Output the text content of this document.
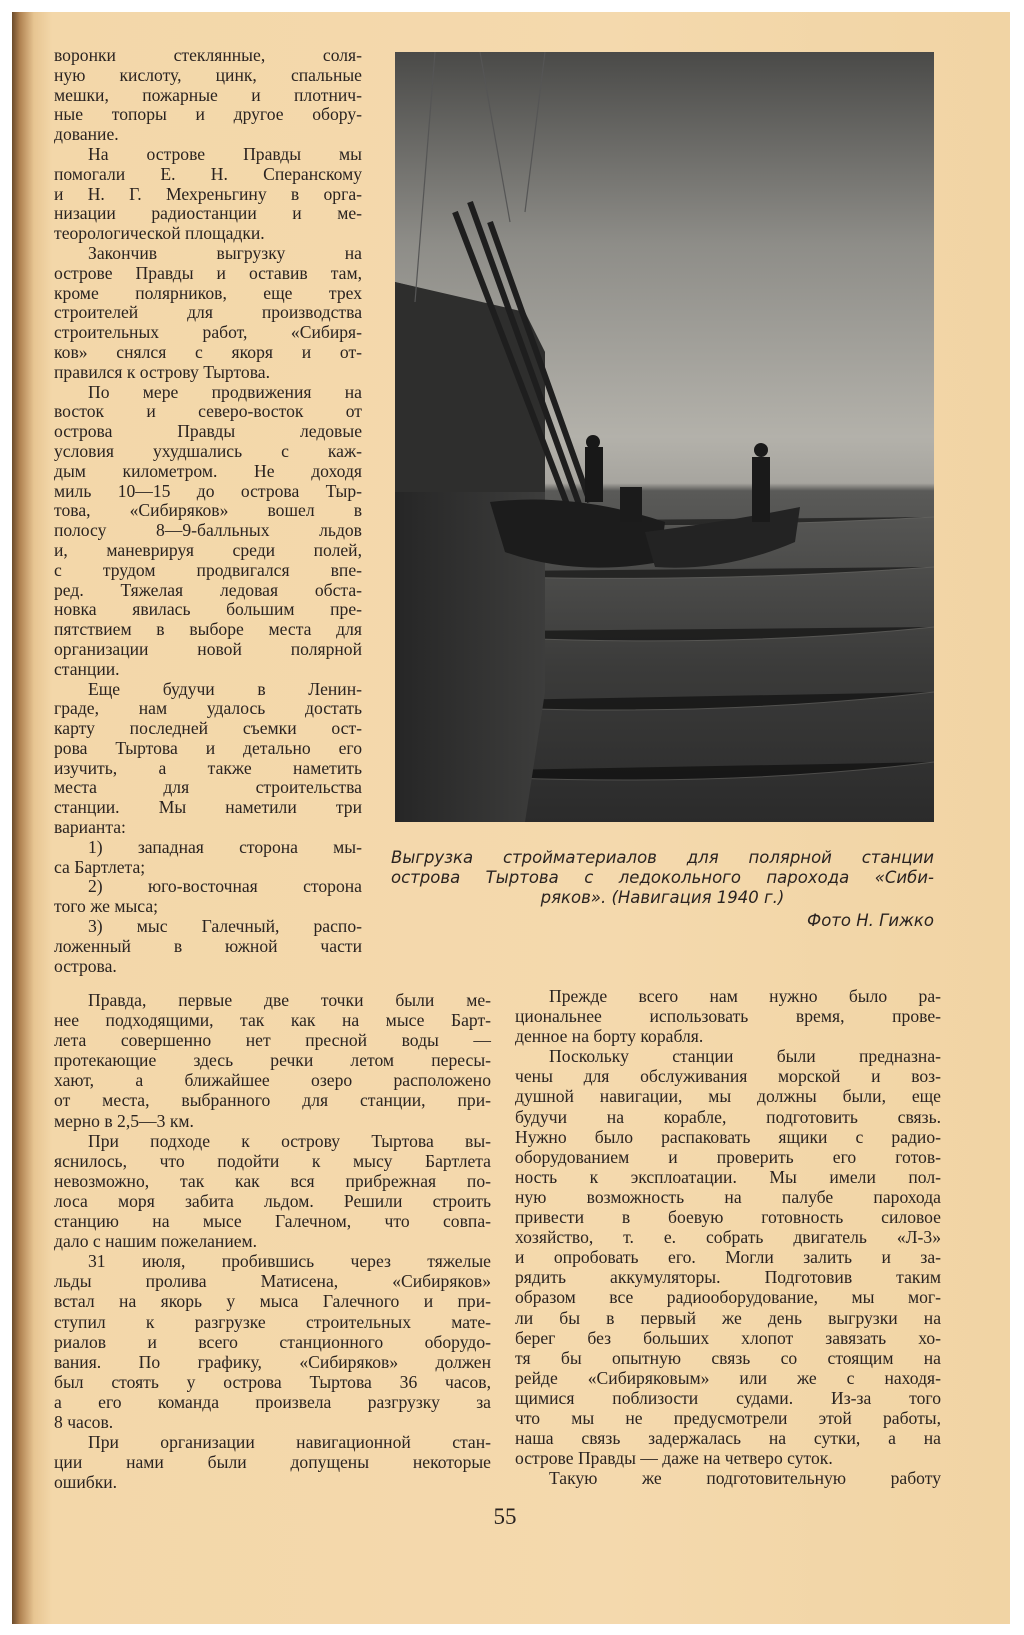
воронки стеклянные, соля-
ную кислоту, цинк, спальные
мешки, пожарные и плотнич-
ные топоры и другое обору-
дование.
На острове Правды мы
помогали Е. Н. Сперанскому
и Н. Г. Мехреньгину в орга-
низации радиостанции и ме-
теорологической площадки.
Закончив выгрузку на
острове Правды и оставив там,
кроме полярников, еще трех
строителей для производства
строительных работ, «Сибиря-
ков» снялся с якоря и от-
правился к острову Тыртова.
По мере продвижения на
восток и северо-восток от
острова Правды ледовые
условия ухудшались с каж-
дым километром. Не доходя
миль 10—15 до острова Тыр-
това, «Сибиряков» вошел в
полосу 8—9-балльных льдов
и, маневрируя среди полей,
с трудом продвигался впе-
ред. Тяжелая ледовая обста-
новка явилась большим пре-
пятствием в выборе места для
организации новой полярной
станции.
Еще будучи в Ленин-
граде, нам удалось достать
карту последней съемки ост-
рова Тыртова и детально его
изучить, а также наметить
места для строительства
станции. Мы наметили три
варианта:
1) западная сторона мы-
са Бартлета;
2) юго-восточная сторона
того же мыса;
3) мыс Галечный, распо-
ложенный в южной части
острова.
Выгрузка стройматериалов для полярной станции
острова Тыртова с ледокольного парохода «Сиби-
ряков». (Навигация 1940 г.)
Фото Н. Гижко
Правда, первые две точки были ме-
нее подходящими, так как на мысе Барт-
лета совершенно нет пресной воды —
протекающие здесь речки летом пересы-
хают, а ближайшее озеро расположено
от места, выбранного для станции, при-
мерно в 2,5—3 км.
При подходе к острову Тыртова вы-
яснилось, что подойти к мысу Бартлета
невозможно, так как вся прибрежная по-
лоса моря забита льдом. Решили строить
станцию на мысе Галечном, что совпа-
дало с нашим пожеланием.
31 июля, пробившись через тяжелые
льды пролива Матисена, «Сибиряков»
встал на якорь у мыса Галечного и при-
ступил к разгрузке строительных мате-
риалов и всего станционного оборудо-
вания. По графику, «Сибиряков» должен
был стоять у острова Тыртова 36 часов,
а его команда произвела разгрузку за
8 часов.
При организации навигационной стан-
ции нами были допущены некоторые
ошибки.
Прежде всего нам нужно было ра-
циональнее использовать время, прове-
денное на борту корабля.
Поскольку станции были предназна-
чены для обслуживания морской и воз-
душной навигации, мы должны были, еще
будучи на корабле, подготовить связь.
Нужно было распаковать ящики с радио-
оборудованием и проверить его готов-
ность к эксплоатации. Мы имели пол-
ную возможность на палубе парохода
привести в боевую готовность силовое
хозяйство, т. е. собрать двигатель «Л-3»
и опробовать его. Могли залить и за-
рядить аккумуляторы. Подготовив таким
образом все радиооборудование, мы мог-
ли бы в первый же день выгрузки на
берег без больших хлопот завязать хо-
тя бы опытную связь со стоящим на
рейде «Сибиряковым» или же с находя-
щимися поблизости судами. Из-за того
что мы не предусмотрели этой работы,
наша связь задержалась на сутки, а на
острове Правды — даже на четверо суток.
Такую же подготовительную работу
55
